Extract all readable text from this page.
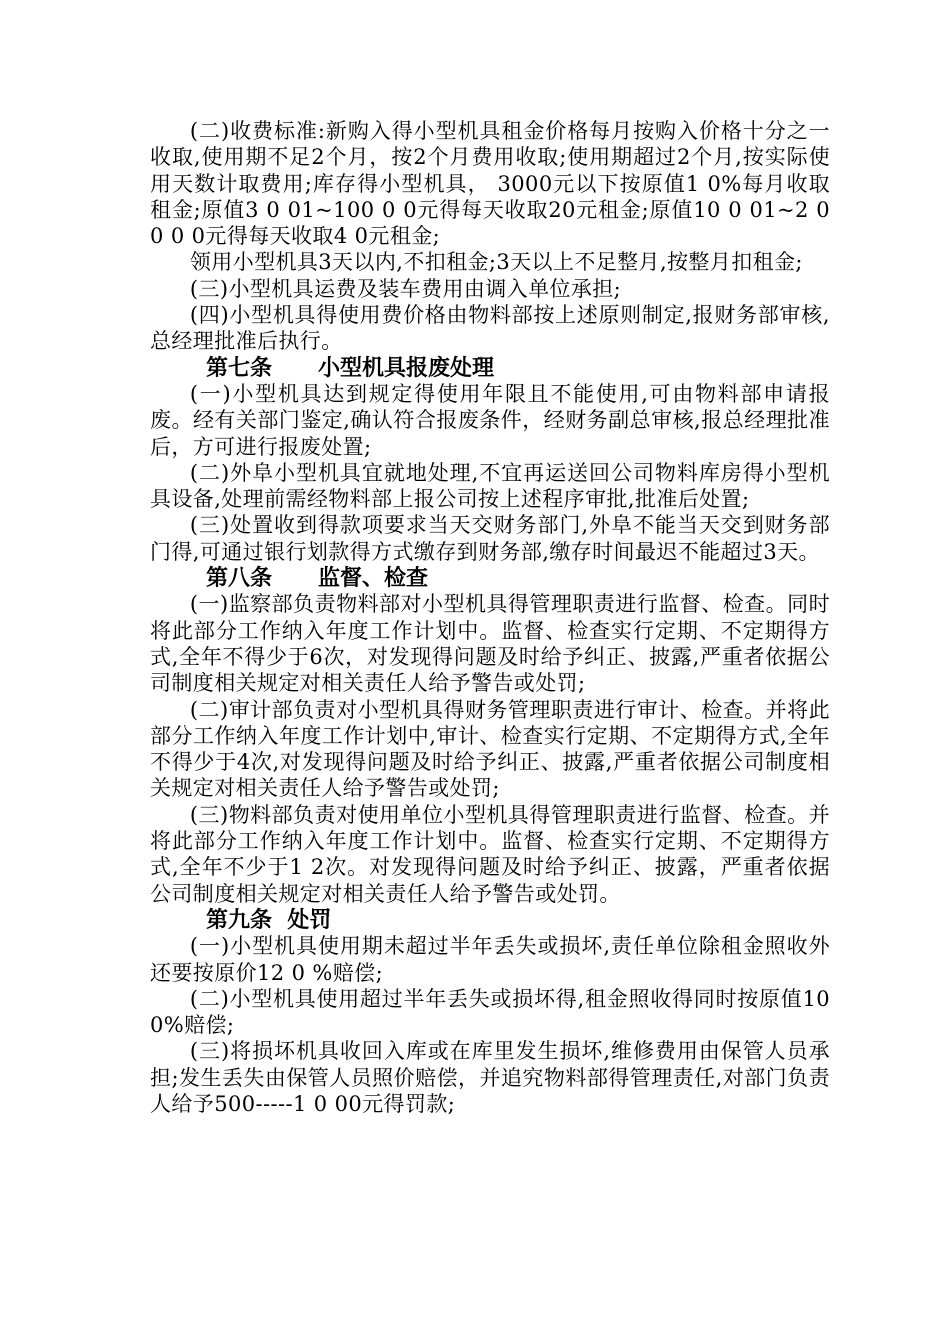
(二)收费标准:新购入得小型机具租金价格每月按购入价格十分之一收取,使用期不足2个月，按2个月费用收取;使用期超过2个月,按实际使用天数计取费用;库存得小型机具， 3000元以下按原值1 0%每月收取租金;原值3 0 01~100 0 0元得每天收取20元租金;原值10 0 01~2 0 0 0 0元得每天收取4 0元租金;

领用小型机具3天以内,不扣租金;3天以上不足整月,按整月扣租金;

(三)小型机具运费及装车费用由调入单位承担;

(四)小型机具得使用费价格由物料部按上述原则制定,报财务部审核,总经理批准后执行。

第七条 小型机具报废处理

(一)小型机具达到规定得使用年限且不能使用,可由物料部申请报废。经有关部门鉴定,确认符合报废条件，经财务副总审核,报总经理批准后，方可进行报废处置;

(二)外阜小型机具宜就地处理,不宜再运送回公司物料库房得小型机具设备,处理前需经物料部上报公司按上述程序审批,批准后处置;

(三)处置收到得款项要求当天交财务部门,外阜不能当天交到财务部门得,可通过银行划款得方式缴存到财务部,缴存时间最迟不能超过3天。

第八条 监督、检查

(一)监察部负责物料部对小型机具得管理职责进行监督、检查。同时将此部分工作纳入年度工作计划中。监督、检查实行定期、不定期得方式,全年不得少于6次，对发现得问题及时给予纠正、披露,严重者依据公司制度相关规定对相关责任人给予警告或处罚;

(二)审计部负责对小型机具得财务管理职责进行审计、检查。并将此部分工作纳入年度工作计划中,审计、检查实行定期、不定期得方式,全年不得少于4次,对发现得问题及时给予纠正、披露,严重者依据公司制度相关规定对相关责任人给予警告或处罚;

(三)物料部负责对使用单位小型机具得管理职责进行监督、检查。并将此部分工作纳入年度工作计划中。监督、检查实行定期、不定期得方式,全年不少于1 2次。对发现得问题及时给予纠正、披露，严重者依据公司制度相关规定对相关责任人给予警告或处罚。

第九条 处罚

(一)小型机具使用期未超过半年丢失或损坏,责任单位除租金照收外还要按原价12 0 %赔偿;

(二)小型机具使用超过半年丢失或损坏得,租金照收得同时按原值100%赔偿;

(三)将损坏机具收回入库或在库里发生损坏,维修费用由保管人员承担;发生丢失由保管人员照价赔偿，并追究物料部得管理责任,对部门负责人给予500-----1 0 00元得罚款;
